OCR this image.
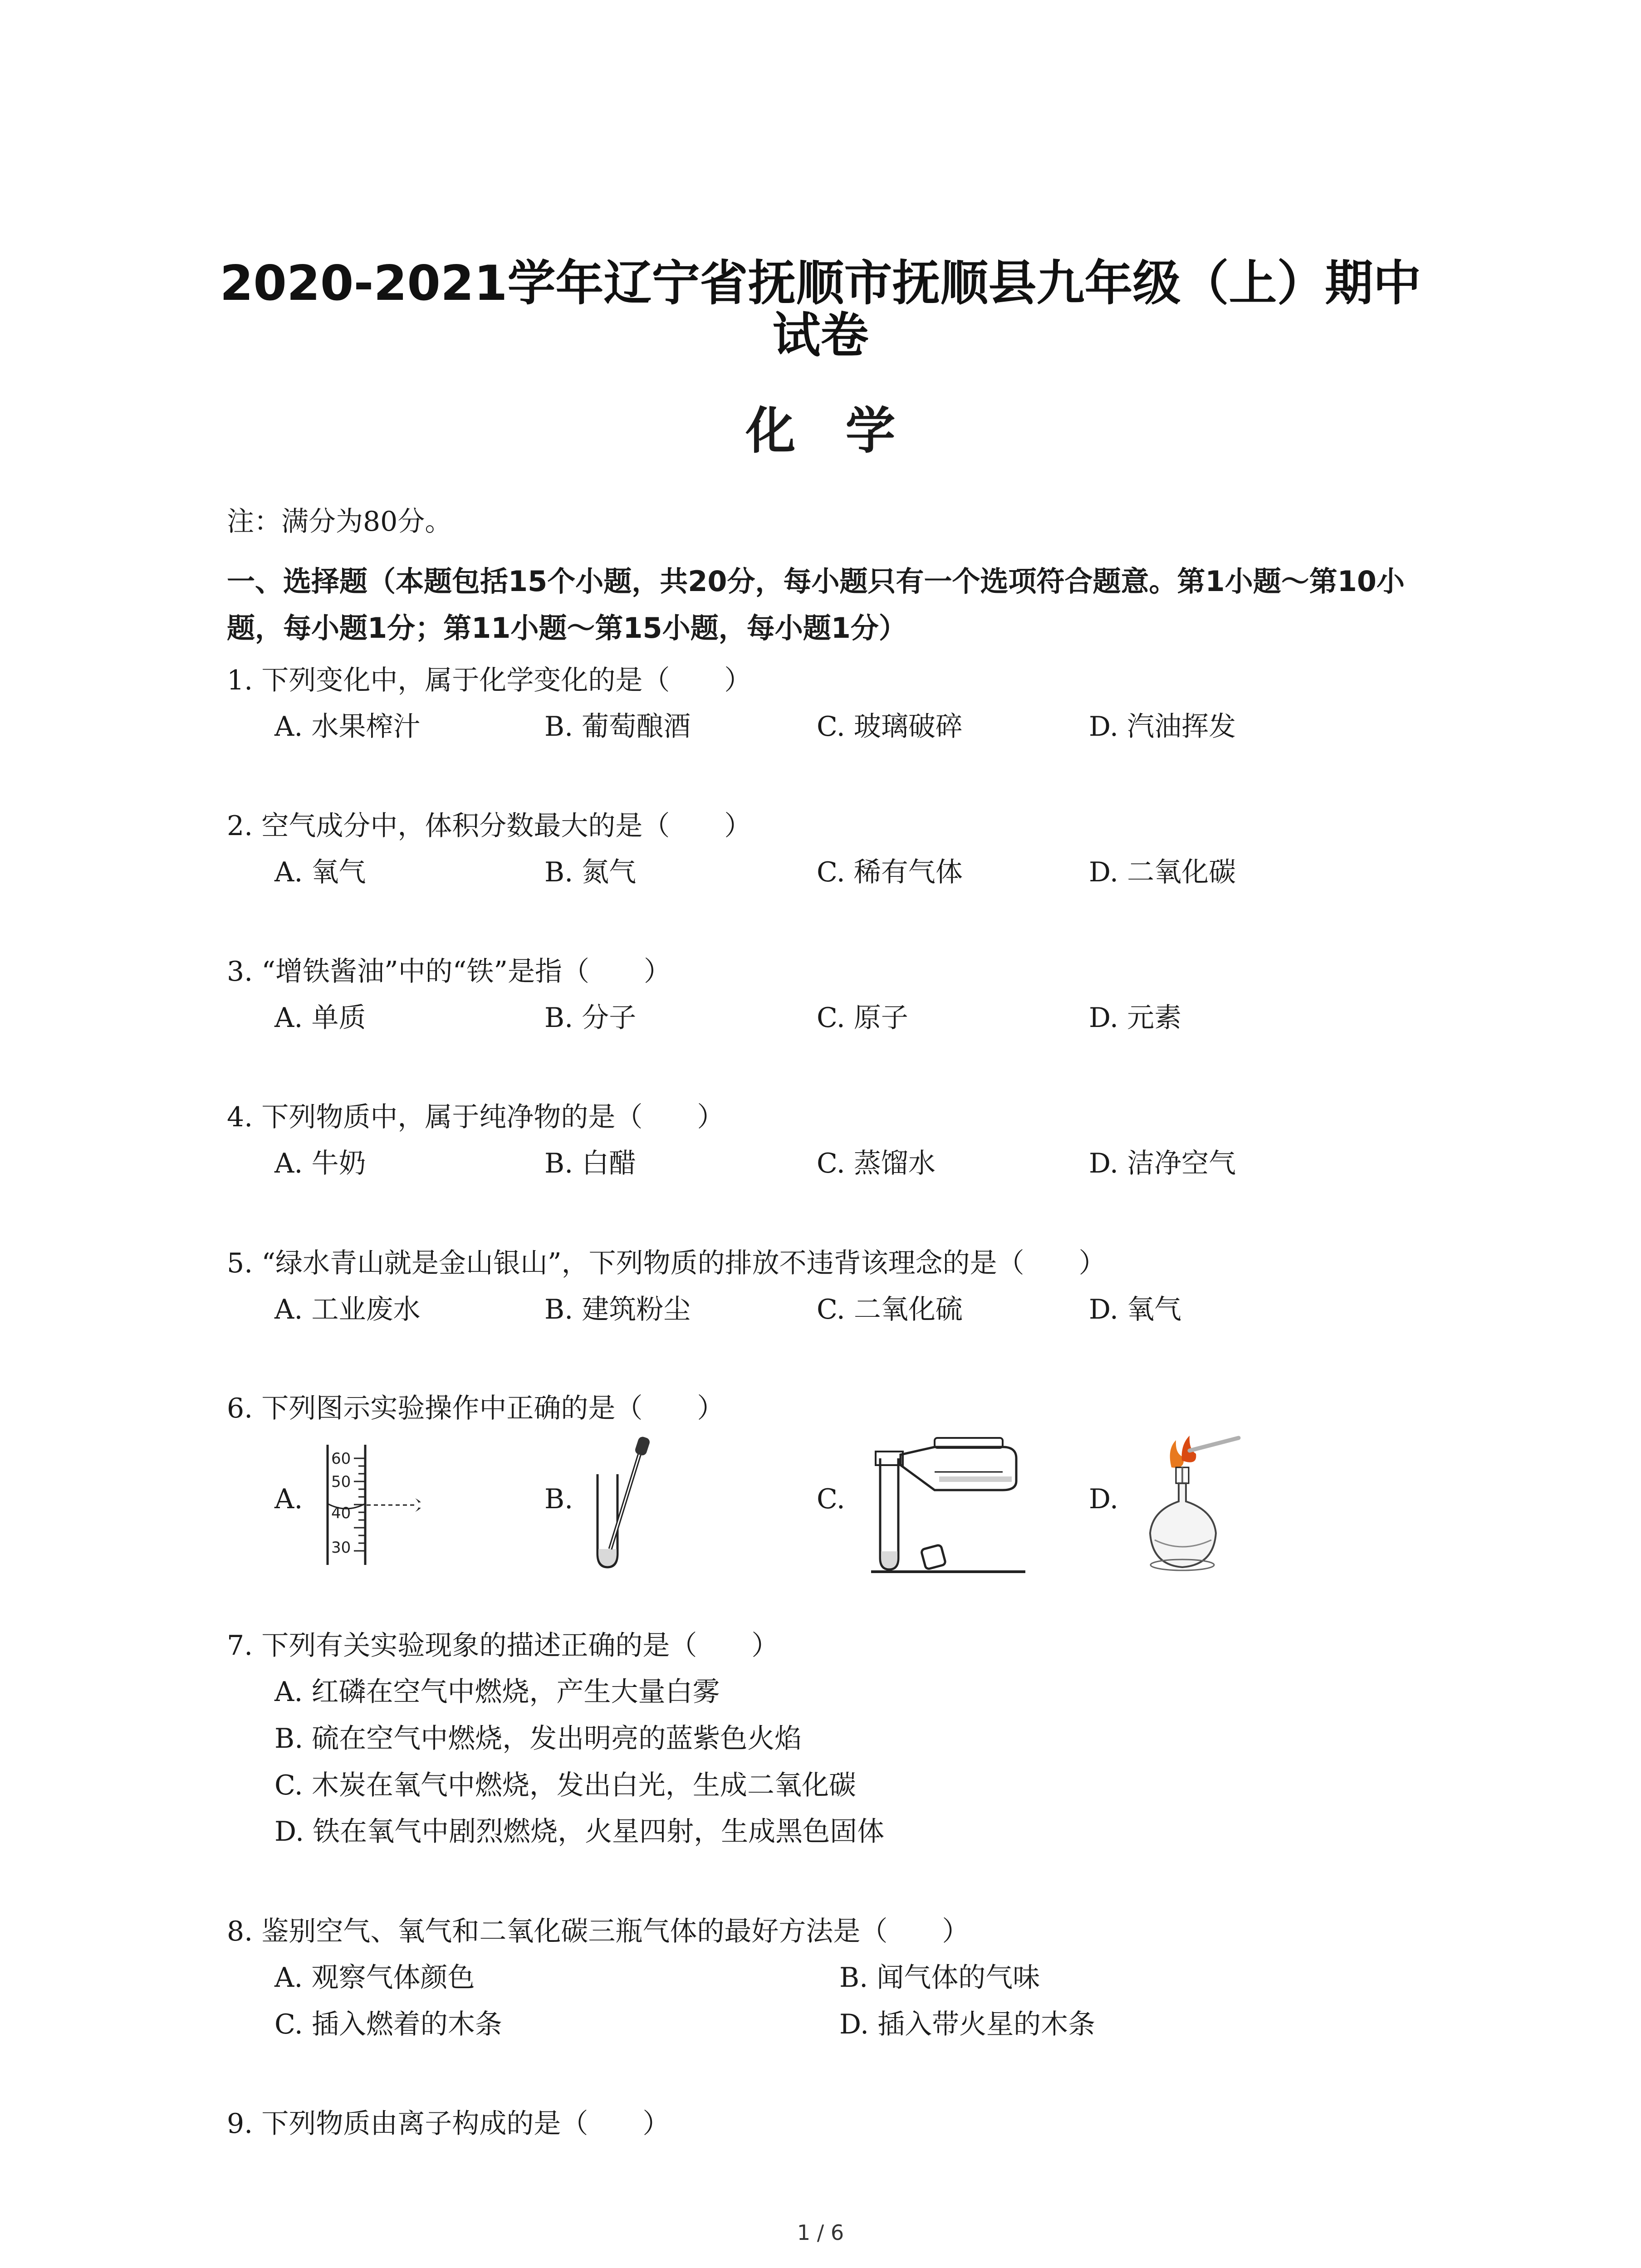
2020-2021学年辽宁省抚顺市抚顺县九年级（上）期中
试卷
化学
注：满分为80分。
一、选择题（本题包括15个小题，共20分，每小题只有一个选项符合题意。第1小题～第10小题，每小题1分；第11小题～第15小题，每小题1分）
1. 下列变化中，属于化学变化的是（　　）
A. 水果榨汁	B. 葡萄酿酒	C. 玻璃破碎	D. 汽油挥发
2. 空气成分中，体积分数最大的是（　　）
A. 氧气	B. 氮气	C. 稀有气体	D. 二氧化碳
3. “增铁酱油”中的“铁”是指（　　）
A. 单质	B. 分子	C. 原子	D. 元素
4. 下列物质中，属于纯净物的是（　　）
A. 牛奶	B. 白醋	C. 蒸馏水	D. 洁净空气
5. “绿水青山就是金山银山”，下列物质的排放不违背该理念的是（　　）
A. 工业废水	B. 建筑粉尘	C. 二氧化硫	D. 氧气
6. 下列图示实验操作中正确的是（　　）
A.	B.	C.	D.
60
50
40
30
7. 下列有关实验现象的描述正确的是（　　）
A. 红磷在空气中燃烧，产生大量白雾
B. 硫在空气中燃烧，发出明亮的蓝紫色火焰
C. 木炭在氧气中燃烧，发出白光，生成二氧化碳
D. 铁在氧气中剧烈燃烧，火星四射，生成黑色固体
8. 鉴别空气、氧气和二氧化碳三瓶气体的最好方法是（　　）
A. 观察气体颜色	B. 闻气体的气味
C. 插入燃着的木条	D. 插入带火星的木条
9. 下列物质由离子构成的是（　　）
1 / 6
